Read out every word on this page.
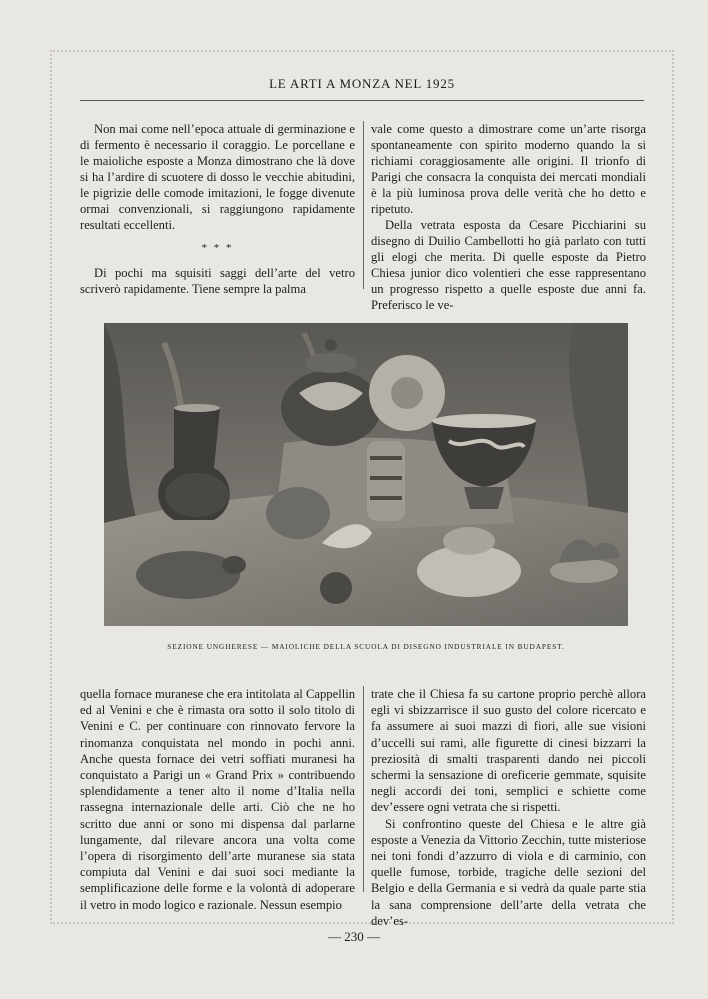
LE ARTI A MONZA NEL 1925

Non mai come nell’epoca attuale di germinazione e di fermento è necessario il coraggio. Le porcellane e le maioliche esposte a Monza dimostrano che là dove si ha l’ardire di scuotere di dosso le vecchie abitudini, le pigrizie delle comode imitazioni, le fogge divenute ormai convenzionali, si raggiungono rapidamente resultati eccellenti.

* * *

Di pochi ma squisiti saggi dell’arte del vetro scriverò rapidamente. Tiene sempre la palma

vale come questo a dimostrare come un’arte risorga spontaneamente con spirito moderno quando la si richiami coraggiosamente alle origini. Il trionfo di Parigi che consacra la conquista dei mercati mondiali è la più luminosa prova delle verità che ho detto e ripetuto.

Della vetrata esposta da Cesare Picchiarini su disegno di Duilio Cambellotti ho già parlato con tutti gli elogi che merita. Di quelle esposte da Pietro Chiesa junior dico volentieri che esse rappresentano un progresso rispetto a quelle esposte due anni fa. Preferisco le ve-

SEZIONE UNGHERESE — MAIOLICHE DELLA SCUOLA DI DISEGNO INDUSTRIALE IN BUDAPEST.

quella fornace muranese che era intitolata al Cappellin ed al Venini e che è rimasta ora sotto il solo titolo di Venini e C. per continuare con rinnovato fervore la rinomanza conquistata nel mondo in pochi anni. Anche questa fornace dei vetri soffiati muranesi ha conquistato a Parigi un « Grand Prix » contribuendo splendidamente a tener alto il nome d’Italia nella rassegna internazionale delle arti. Ciò che ne ho scritto due anni or sono mi dispensa dal parlarne lungamente, dal rilevare ancora una volta come l’opera di risorgimento dell’arte muranese sia stata compiuta dal Venini e dai suoi soci mediante la semplificazione delle forme e la volontà di adoperare il vetro in modo logico e razionale. Nessun esempio

trate che il Chiesa fa su cartone proprio perchè allora egli vi sbizzarrisce il suo gusto del colore ricercato e fa assumere ai suoi mazzi di fiori, alle sue visioni d’uccelli sui rami, alle figurette di cinesi bizzarri la preziosità di smalti trasparenti dando nei piccoli schermi la sensazione di oreficerie gemmate, squisite negli accordi dei toni, semplici e schiette come dev’essere ogni vetrata che si rispetti.

Si confrontino queste del Chiesa e le altre già esposte a Venezia da Vittorio Zecchin, tutte misteriose nei toni fondi d’azzurro di viola e di carminio, con quelle fumose, torbide, tragiche delle sezioni del Belgio e della Germania e si vedrà da quale parte stia la sana comprensione dell’arte della vetrata che dev’es-

— 230 —
